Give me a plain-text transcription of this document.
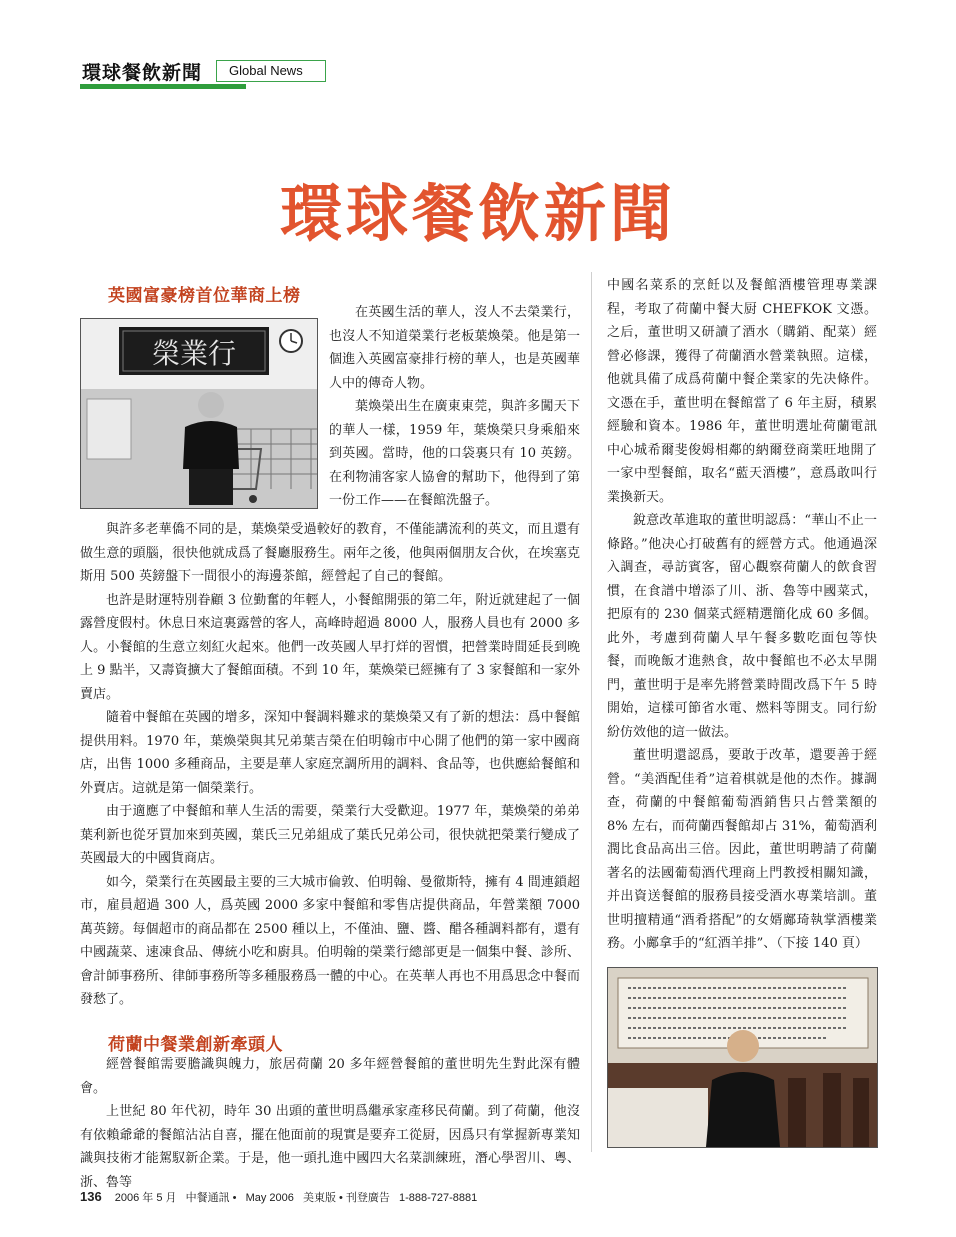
環球餐飲新聞	Global News
環球餐飲新聞
英國富豪榜首位華商上榜
榮業行

在英國生活的華人，沒人不去榮業行，也沒人不知道榮業行老板葉煥榮。他是第一個進入英國富豪排行榜的華人，也是英國華人中的傳奇人物。

葉煥榮出生在廣東東莞，與許多闖天下的華人一樣，1959 年，葉煥榮只身乘船來到英國。當時，他的口袋裏只有 10 英鎊。在利物浦客家人協會的幫助下，他得到了第一份工作——在餐館洗盤子。

與許多老華僑不同的是，葉煥榮受過較好的教育，不僅能講流利的英文，而且還有做生意的頭腦，很快他就成爲了餐廳服務生。兩年之後，他與兩個朋友合伙，在埃塞克斯用 500 英鎊盤下一間很小的海邊茶館，經營起了自己的餐館。

也許是財運特別眷顧 3 位勤奮的年輕人，小餐館開張的第二年，附近就建起了一個露營度假村。休息日來這裏露營的客人，高峰時超過 8000 人，服務人員也有 2000 多人。小餐館的生意立刻紅火起來。他們一改英國人早打烊的習慣，把營業時間延長到晚上 9 點半，又壽資擴大了餐館面積。不到 10 年，葉煥榮已經擁有了 3 家餐館和一家外賣店。

隨着中餐館在英國的增多，深知中餐調料難求的葉煥榮又有了新的想法：爲中餐館提供用料。1970 年，葉煥榮與其兄弟葉吉榮在伯明翰市中心開了他們的第一家中國商店，出售 1000 多種商品，主要是華人家庭烹調所用的調料、食品等，也供應給餐館和外賣店。這就是第一個榮業行。

由于適應了中餐館和華人生活的需要，榮業行大受歡迎。1977 年，葉煥榮的弟弟葉利新也從牙買加來到英國，葉氏三兄弟組成了葉氏兄弟公司，很快就把榮業行變成了英國最大的中國貨商店。

如今，榮業行在英國最主要的三大城市倫敦、伯明翰、曼徹斯特，擁有 4 間連鎖超市，雇員超過 300 人，爲英國 2000 多家中餐館和零售店提供商品，年營業額 7000 萬英鎊。每個超市的商品都在 2500 種以上，不僅油、鹽、醬、醋各種調料都有，還有中國蔬菜、速凍食品、傳統小吃和廚具。伯明翰的榮業行總部更是一個集中餐、診所、會計師事務所、律師事務所等多種服務爲一體的中心。在英華人再也不用爲思念中餐而發愁了。

荷蘭中餐業創新牽頭人

經營餐館需要膽識與魄力，旅居荷蘭 20 多年經營餐館的董世明先生對此深有體會。

上世紀 80 年代初，時年 30 出頭的董世明爲繼承家產移民荷蘭。到了荷蘭，他沒有依賴爺爺的餐館沾沾自喜，擺在他面前的現實是要弃工從厨，因爲只有掌握新專業知識與技術才能駕馭新企業。于是，他一頭扎進中國四大名菜訓練班，潛心學習川、粵、浙、魯等

中國名菜系的烹飪以及餐館酒樓管理專業課程，考取了荷蘭中餐大厨 CHEFKOK 文憑。之后，董世明又研讀了酒水（購銷、配菜）經營必修課，獲得了荷蘭酒水營業執照。這樣，他就具備了成爲荷蘭中餐企業家的先决條件。文憑在手，董世明在餐館當了 6 年主厨，積累經驗和資本。1986 年，董世明選址荷蘭電訊中心城希爾斐俊姆相鄰的納爾登商業旺地開了一家中型餐館，取名“藍天酒樓”，意爲敢叫行業換新天。

銳意改革進取的董世明認爲：“華山不止一條路。”他决心打破舊有的經營方式。他通過深入調查，尋訪賓客，留心觀察荷蘭人的飲食習慣，在食譜中增添了川、浙、魯等中國菜式，把原有的 230 個菜式經精選簡化成 60 多個。此外，考慮到荷蘭人早午餐多數吃面包等快餐，而晚飯才進熱食，故中餐館也不必太早開門，董世明于是率先將營業時間改爲下午 5 時開始，這樣可節省水電、燃料等開支。同行紛紛仿效他的這一做法。

董世明還認爲，要敢于改革，還要善于經營。“美酒配佳肴”這着棋就是他的杰作。據調查，荷蘭的中餐館葡萄酒銷售只占營業額的 8% 左右，而荷蘭西餐館却占 31%，葡萄酒利潤比食品高出三倍。因此，董世明聘請了荷蘭著名的法國葡萄酒代理商上門教授相關知識，并出資送餐館的服務員接受酒水專業培訓。董世明擅精通“酒肴搭配”的女婿鄺琦執掌酒樓業務。小鄺拿手的“紅酒羊排”、（下接 140 頁）

136 2006 年 5 月 中餐通訊 • May 2006 美東版 • 刊登廣告 1-888-727-8881
